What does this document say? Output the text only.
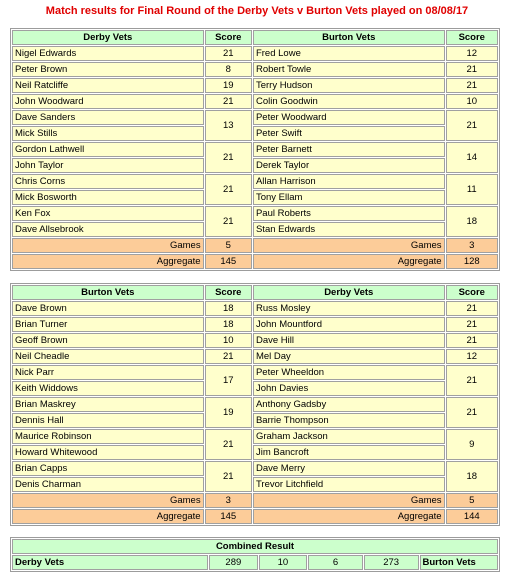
Match results for Final Round of the Derby Vets v Burton Vets played on 08/08/17
Derby Vets	Score	Burton Vets	Score
Nigel Edwards	21	Fred Lowe	12
Peter Brown	8	Robert Towle	21
Neil Ratcliffe	19	Terry Hudson	21
John Woodward	21	Colin Goodwin	10
Dave Sanders	13	Peter Woodward	21
Mick Stills		Peter Swift	
Gordon Lathwell	21	Peter Barnett	14
John Taylor		Derek Taylor	
Chris Corns	21	Allan Harrison	11
Mick Bosworth		Tony Ellam	
Ken Fox	21	Paul Roberts	18
Dave Allsebrook		Stan Edwards	
Games	5	Games	3
Aggregate	145	Aggregate	128
Burton Vets	Score	Derby Vets	Score
Dave Brown	18	Russ Mosley	21
Brian Turner	18	John Mountford	21
Geoff Brown	10	Dave Hill	21
Neil Cheadle	21	Mel Day	12
Nick Parr	17	Peter Wheeldon	21
Keith Widdows		John Davies	
Brian Maskrey	19	Anthony Gadsby	21
Dennis Hall		Barrie Thompson	
Maurice Robinson	21	Graham Jackson	9
Howard Whitewood		Jim Bancroft	
Brian Capps	21	Dave Merry	18
Denis Charman		Trevor Litchfield	
Games	3	Games	5
Aggregate	145	Aggregate	144
Combined Result
Derby Vets	289	10	6	273	Burton Vets
